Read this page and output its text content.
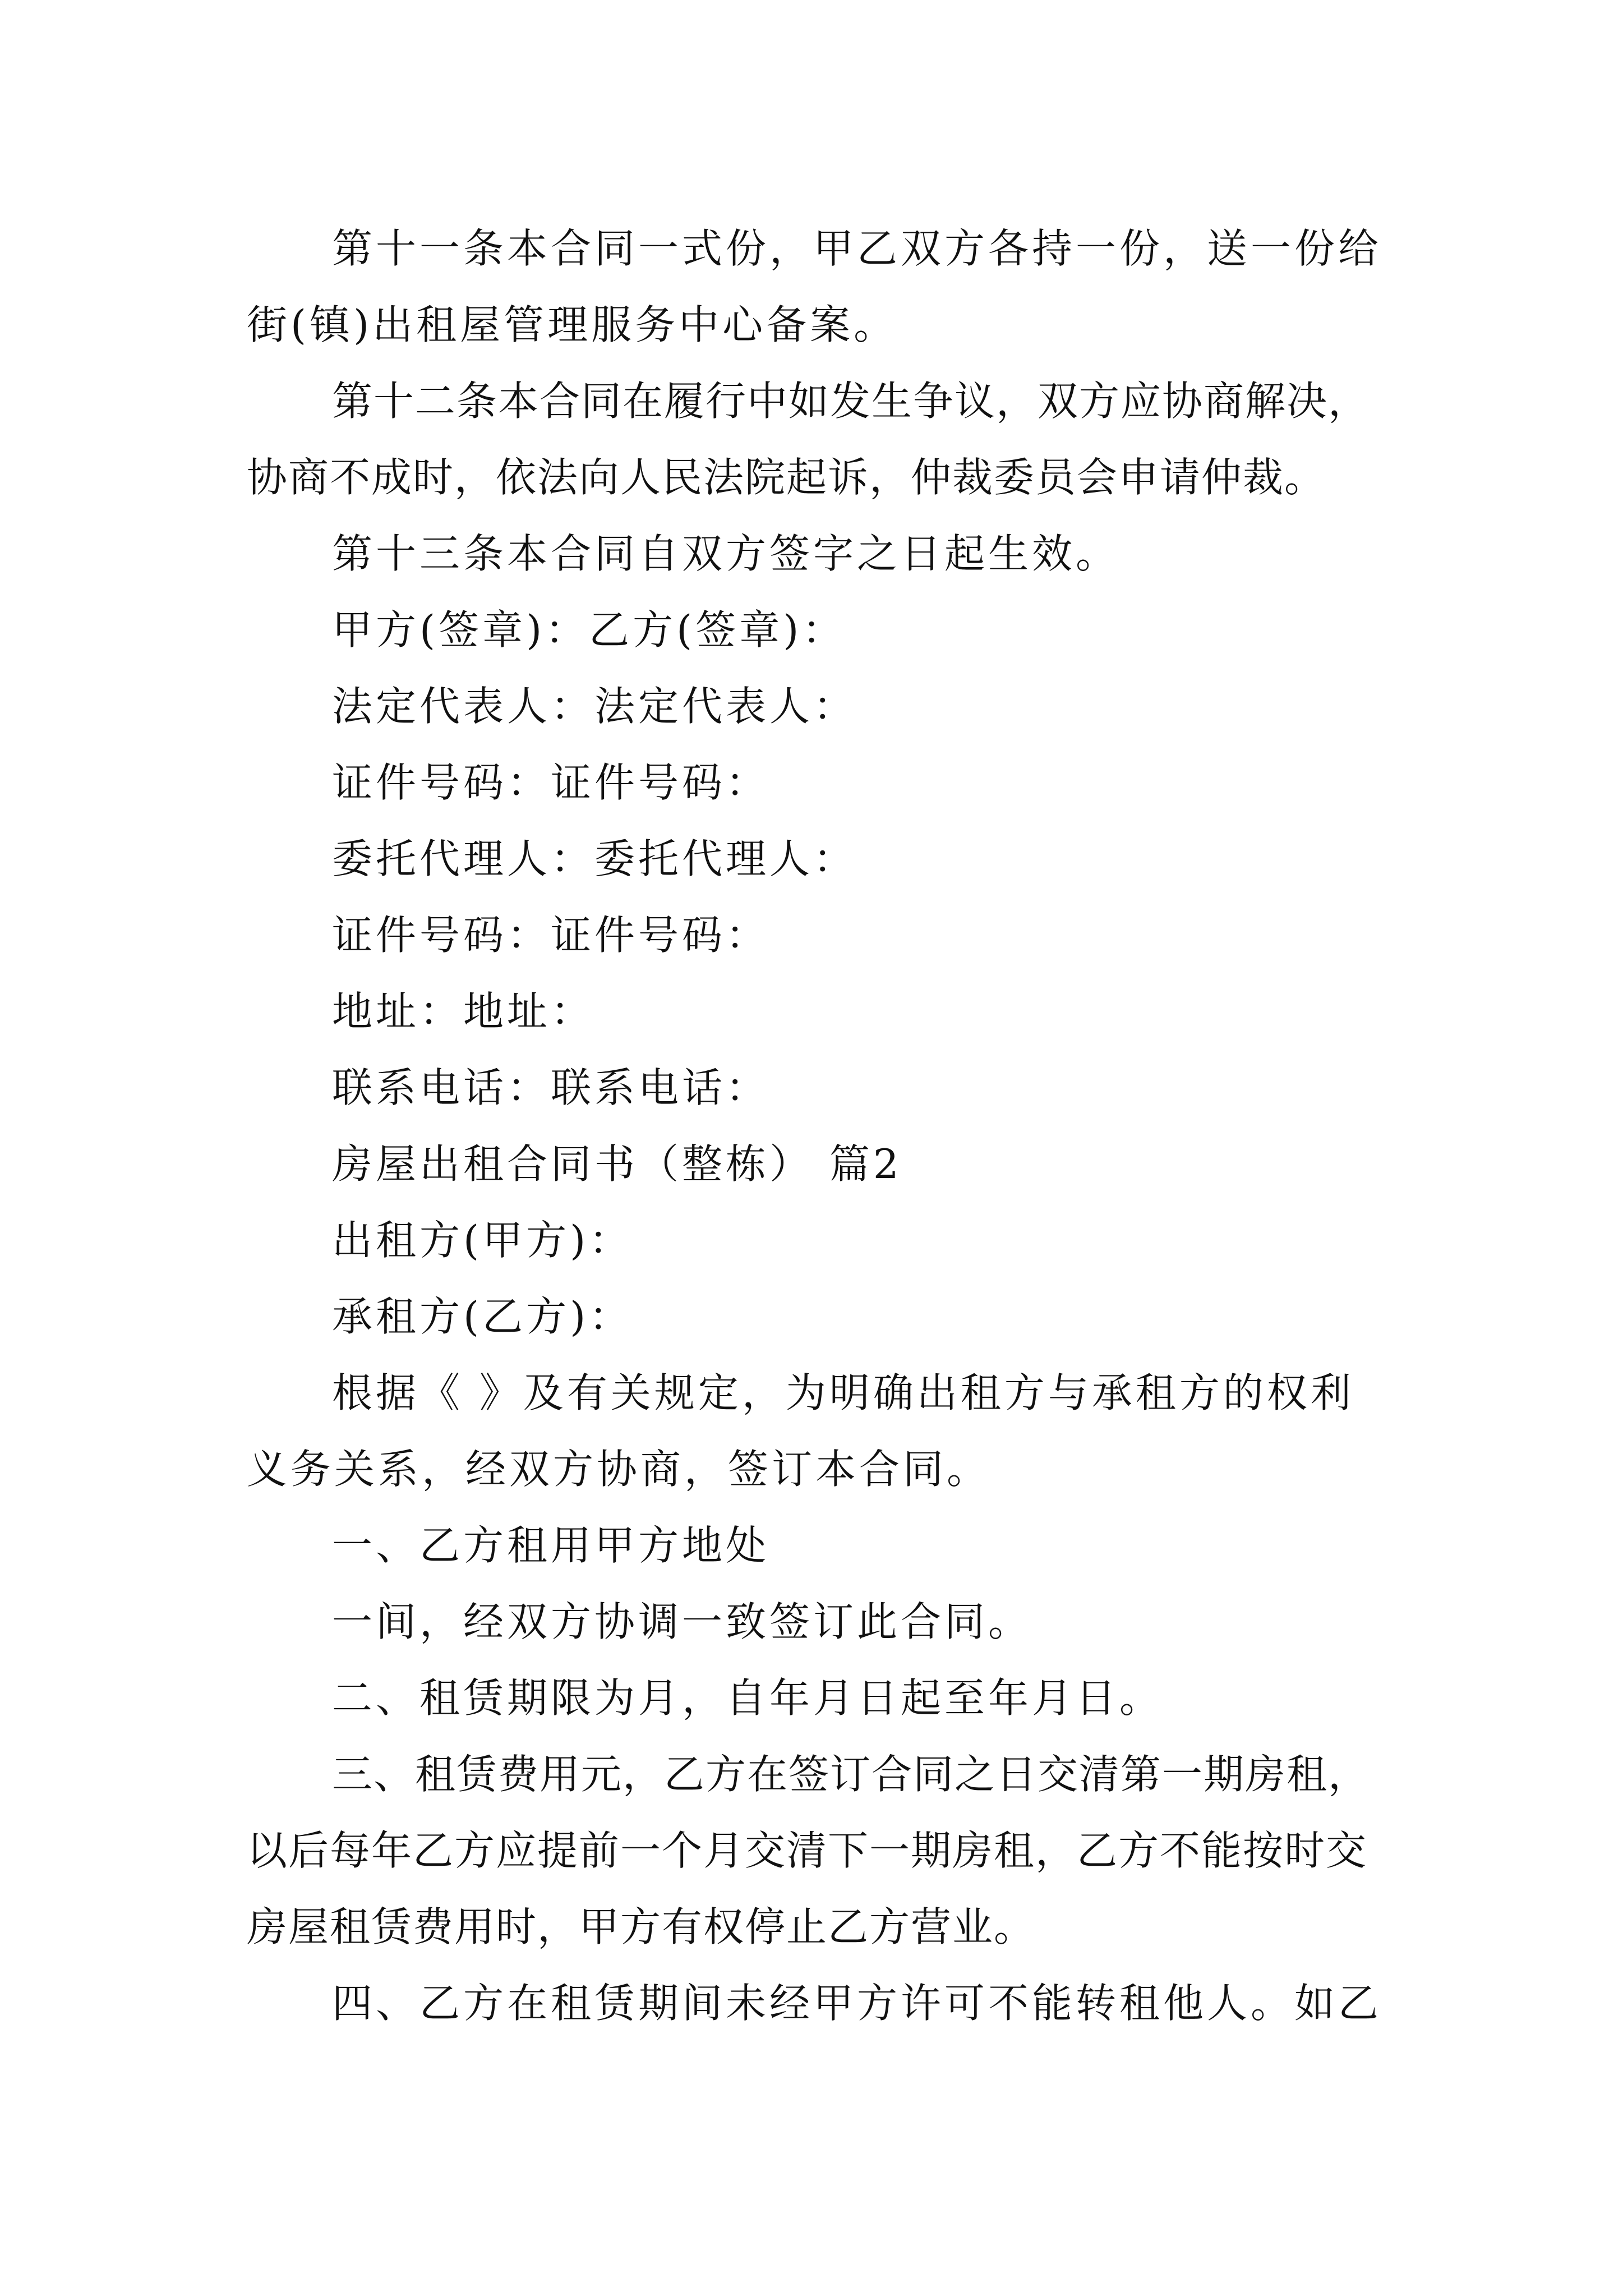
第十一条本合同一式份，甲乙双方各持一份，送一份给街(镇)出租屋管理服务中心备案。

第十二条本合同在履行中如发生争议，双方应协商解决，协商不成时，依法向人民法院起诉，仲裁委员会申请仲裁。

第十三条本合同自双方签字之日起生效。

甲方(签章)：乙方(签章)：

法定代表人：法定代表人：

证件号码：证件号码：

委托代理人：委托代理人：

证件号码：证件号码：

地址：地址：

联系电话：联系电话：

房屋出租合同书（整栋） 篇2

出租方(甲方)：

承租方(乙方)：

根据《 》及有关规定，为明确出租方与承租方的权利义务关系，经双方协商，签订本合同。

一、乙方租用甲方地处

一间，经双方协调一致签订此合同。

二、租赁期限为月，自年月日起至年月日。

三、租赁费用元，乙方在签订合同之日交清第一期房租，以后每年乙方应提前一个月交清下一期房租，乙方不能按时交房屋租赁费用时，甲方有权停止乙方营业。

四、乙方在租赁期间未经甲方许可不能转租他人。如乙
